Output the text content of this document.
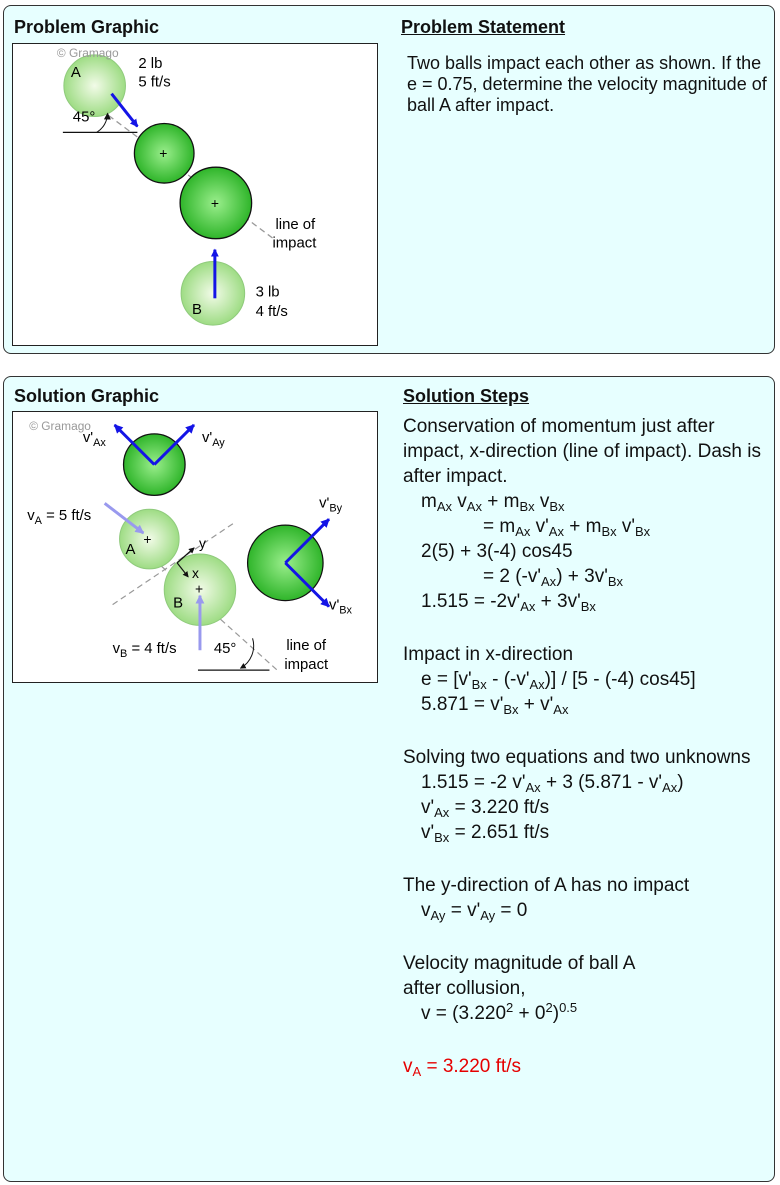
Problem Graphic	Problem Statement
© Gramago
A
2 lb
5 ft/s
45°
+
+
line of
impact
B
3 lb
4 ft/s
Two balls impact each other as shown. If the e = 0.75, determine the velocity magnitude of ball A after impact.
Solution Graphic	Solution Steps
© Gramago
$v'_{Ax}$	$v'_{Ay}$
A
+
$v_A = 5$ ft/s
B
+
y
x
$v_B = 4$ ft/s 45°	line of
impact
$v'_{By}$
$v'_{Bx}$
Conservation of momentum just after impact, x-direction (line of impact). Dash is after impact.
$m_{Ax}$ $v_{Ax} + m_{Bx}$ $v_{Bx}$
= $m_{Ax}$ $v'_{Ax} + m_{Bx}$ $v'_{Bx}$
2(5) + 3(-4) cos45
= 2 $(-v'_{Ax}) + 3v'_{Bx}$
$1.515 = -2v'_{Ax} + 3v'_{Bx}$
Impact in x-direction
$e = [v'_{Bx} - (-v'_{Ax})] / [5 - (-4)$ cos45]
$5.871 = v'_{Bx} + v'_{Ax}$
Solving two equations and two unknowns
1.515 = -2 $v'_{Ax} + 3$ $(5.871 - v'_{Ax})$
$v'_{Ax} = 3.220$ ft/s
$v'_{Bx} = 2.651$ ft/s
The y-direction of A has no impact
$v_{Ay} = v'_{Ay} = 0$
Velocity magnitude of ball A
after collusion,
$v = (3.220^2 + 0^2)^{0.5}$
$v_A = 3.220$ ft/s
